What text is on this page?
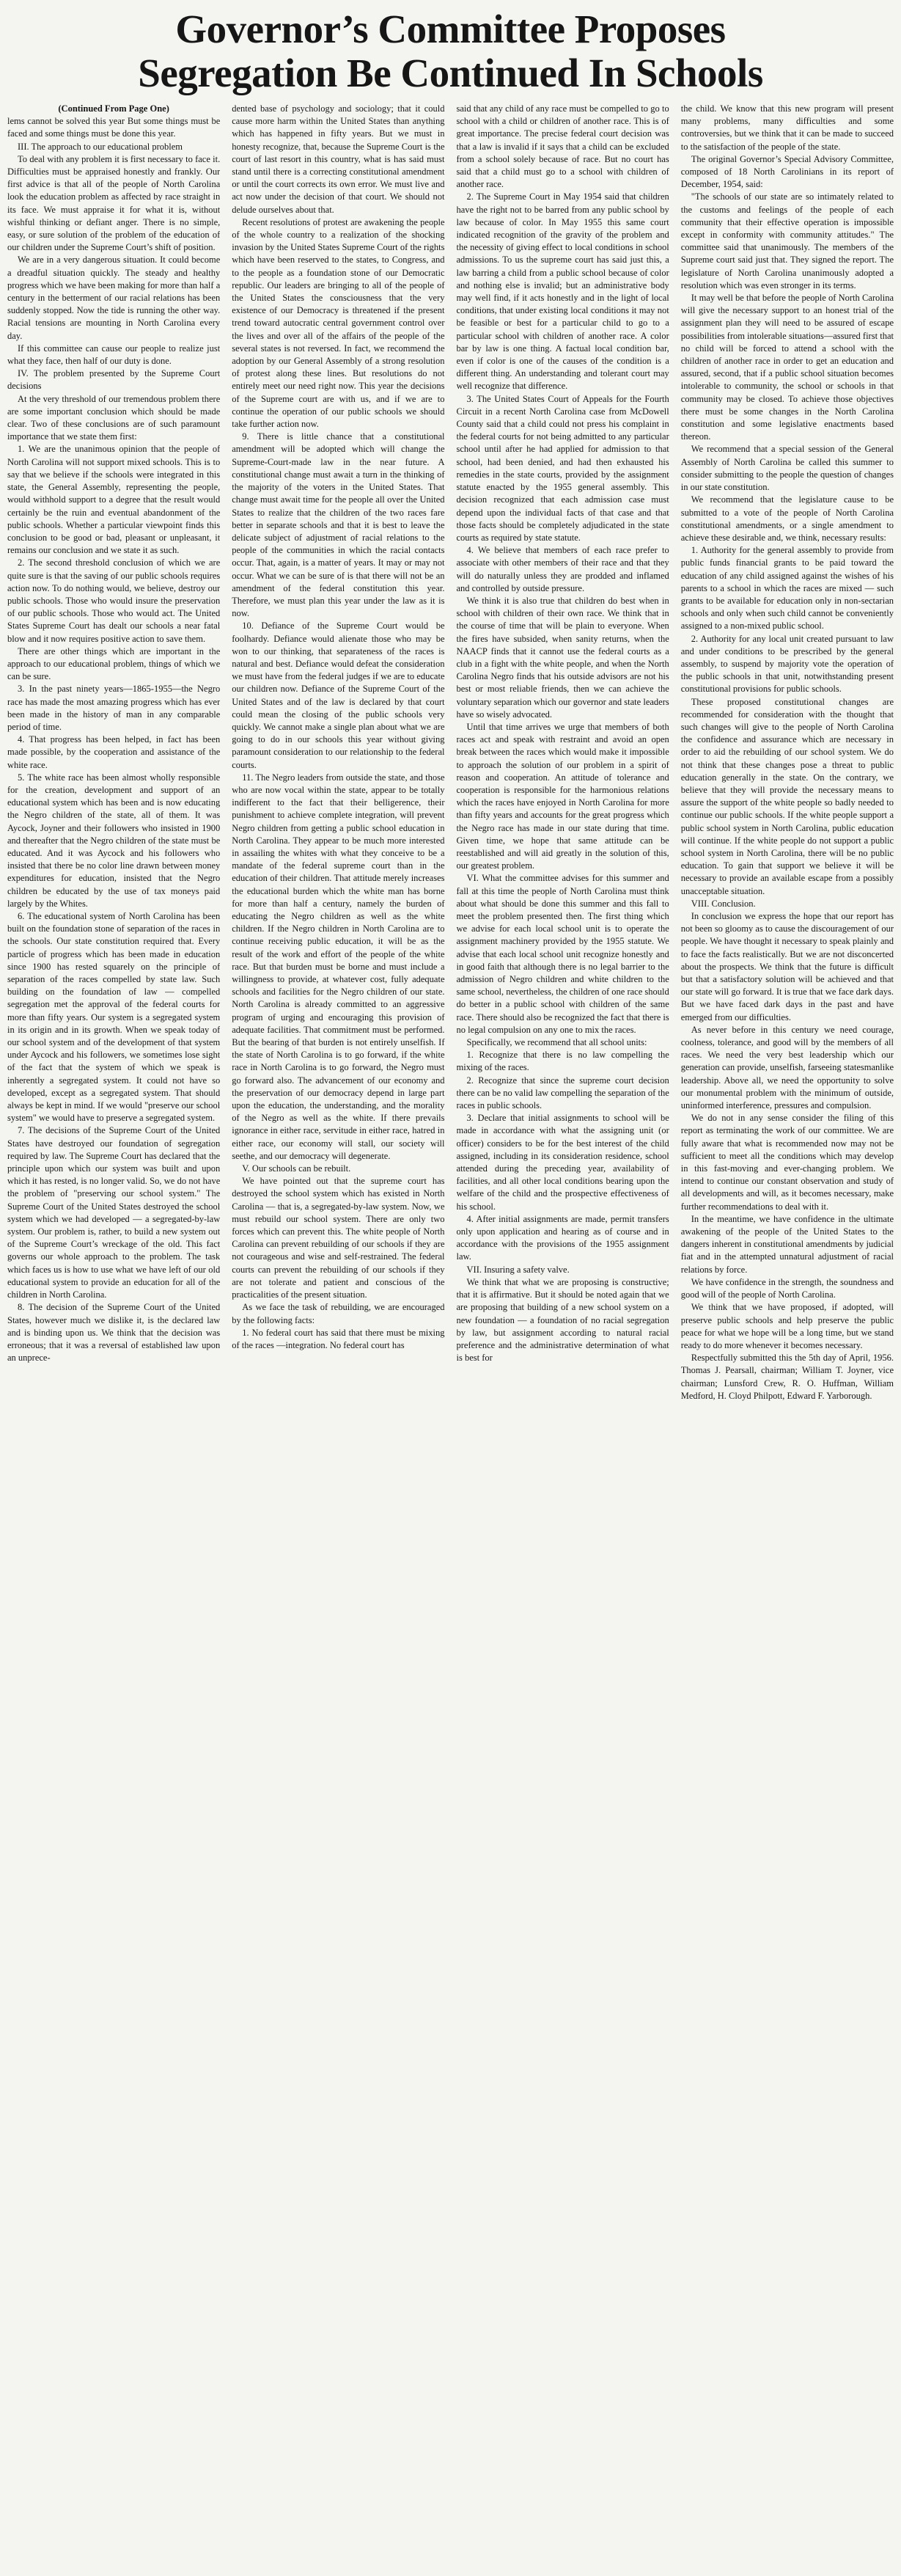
Governor’s Committee Proposes
Segregation Be Continued In Schools

(Continued From Page One)

lems cannot be solved this year But some things must be faced and some things must be done this year.

III. The approach to our educational problem

To deal with any problem it is first necessary to face it. Difficulties must be appraised honestly and frankly. Our first advice is that all of the people of North Carolina look the education problem as affected by race straight in its face. We must appraise it for what it is, without wishful thinking or defiant anger. There is no simple, easy, or sure solution of the problem of the education of our children under the Supreme Court’s shift of position.

We are in a very dangerous situation. It could become a dreadful situation quickly. The steady and healthy progress which we have been making for more than half a century in the betterment of our racial relations has been suddenly stopped. Now the tide is running the other way. Racial tensions are mounting in North Carolina every day.

If this committee can cause our people to realize just what they face, then half of our duty is done.

IV. The problem presented by the Supreme Court decisions

At the very threshold of our tremendous problem there are some important conclusion which should be made clear. Two of these conclusions are of such paramount importance that we state them first:

1. We are the unanimous opinion that the people of North Carolina will not support mixed schools. This is to say that we believe if the schools were integrated in this state, the General Assembly, representing the people, would withhold support to a degree that the result would certainly be the ruin and eventual abandonment of the public schools. Whether a particular viewpoint finds this conclusion to be good or bad, pleasant or unpleasant, it remains our conclusion and we state it as such.

2. The second threshold conclusion of which we are quite sure is that the saving of our public schools requires action now. To do nothing would, we believe, destroy our public schools. Those who would insure the preservation of our public schools. Those who would act. The United States Supreme Court has dealt our schools a near fatal blow and it now requires positive action to save them.

There are other things which are important in the approach to our educational problem, things of which we can be sure.

3. In the past ninety years—1865-1955—the Negro race has made the most amazing progress which has ever been made in the history of man in any comparable period of time.

4. That progress has been helped, in fact has been made possible, by the cooperation and assistance of the white race.

5. The white race has been almost wholly responsible for the creation, development and support of an educational system which has been and is now educating the Negro children of the state, all of them. It was Aycock, Joyner and their followers who insisted in 1900 and thereafter that the Negro children of the state must be educated. And it was Aycock and his followers who insisted that there be no color line drawn between money expenditures for education, insisted that the Negro children be educated by the use of tax moneys paid largely by the Whites.

6. The educational system of North Carolina has been built on the foundation stone of separation of the races in the schools. Our state constitution required that. Every particle of progress which has been made in education since 1900 has rested squarely on the principle of separation of the races compelled by state law. Such building on the foundation of law — compelled segregation met the approval of the federal courts for more than fifty years. Our system is a segregated system in its origin and in its growth. When we speak today of our school system and of the development of that system under Aycock and his followers, we sometimes lose sight of the fact that the system of which we speak is inherently a segregated system. It could not have so developed, except as a segregated system. That should always be kept in mind. If we would "preserve our school system" we would have to preserve a segregated system.

7. The decisions of the Supreme Court of the United States have destroyed our foundation of segregation required by law. The Supreme Court has declared that the principle upon which our system was built and upon which it has rested, is no longer valid. So, we do not have the problem of "preserving our school system." The Supreme Court of the United States destroyed the school system which we had developed — a segregated-by-law system. Our problem is, rather, to build a new system out of the Supreme Court’s wreckage of the old. This fact governs our whole approach to the problem. The task which faces us is how to use what we have left of our old educational system to provide an education for all of the children in North Carolina.

8. The decision of the Supreme Court of the United States, however much we dislike it, is the declared law and is binding upon us. We think that the decision was erroneous; that it was a reversal of established law upon an unprece-

dented base of psychology and sociology; that it could cause more harm within the United States than anything which has happened in fifty years. But we must in honesty recognize, that, because the Supreme Court is the court of last resort in this country, what is has said must stand until there is a correcting constitutional amendment or until the court corrects its own error. We must live and act now under the decision of that court. We should not delude ourselves about that.

Recent resolutions of protest are awakening the people of the whole country to a realization of the shocking invasion by the United States Supreme Court of the rights which have been reserved to the states, to Congress, and to the people as a foundation stone of our Democratic republic. Our leaders are bringing to all of the people of the United States the consciousness that the very existence of our Democracy is threatened if the present trend toward autocratic central government control over the lives and over all of the affairs of the people of the several states is not reversed. In fact, we recommend the adoption by our General Assembly of a strong resolution of protest along these lines. But resolutions do not entirely meet our need right now. This year the decisions of the Supreme court are with us, and if we are to continue the operation of our public schools we should take further action now.

9. There is little chance that a constitutional amendment will be adopted which will change the Supreme-Court-made law in the near future. A constitutional change must await a turn in the thinking of the majority of the voters in the United States. That change must await time for the people all over the United States to realize that the children of the two races fare better in separate schools and that it is best to leave the delicate subject of adjustment of racial relations to the people of the communities in which the racial contacts occur. That, again, is a matter of years. It may or may not occur. What we can be sure of is that there will not be an amendment of the federal constitution this year. Therefore, we must plan this year under the law as it is now.

10. Defiance of the Supreme Court would be foolhardy. Defiance would alienate those who may be won to our thinking, that separateness of the races is natural and best. Defiance would defeat the consideration we must have from the federal judges if we are to educate our children now. Defiance of the Supreme Court of the United States and of the law is declared by that court could mean the closing of the public schools very quickly. We cannot make a single plan about what we are going to do in our schools this year without giving paramount consideration to our relationship to the federal courts.

11. The Negro leaders from outside the state, and those who are now vocal within the state, appear to be totally indifferent to the fact that their belligerence, their punishment to achieve complete integration, will prevent Negro children from getting a public school education in North Carolina. They appear to be much more interested in assailing the whites with what they conceive to be a mandate of the federal supreme court than in the education of their children. That attitude merely increases the educational burden which the white man has borne for more than half a century, namely the burden of educating the Negro children as well as the white children. If the Negro children in North Carolina are to continue receiving public education, it will be as the result of the work and effort of the people of the white race. But that burden must be borne and must include a willingness to provide, at whatever cost, fully adequate schools and facilities for the Negro children of our state. North Carolina is already committed to an aggressive program of urging and encouraging this provision of adequate facilities. That commitment must be performed. But the bearing of that burden is not entirely unselfish. If the state of North Carolina is to go forward, if the white race in North Carolina is to go forward, the Negro must go forward also. The advancement of our economy and the preservation of our democracy depend in large part upon the education, the understanding, and the morality of the Negro as well as the white. If there prevails ignorance in either race, servitude in either race, hatred in either race, our economy will stall, our society will seethe, and our democracy will degenerate.

V. Our schools can be rebuilt.

We have pointed out that the supreme court has destroyed the school system which has existed in North Carolina — that is, a segregated-by-law system. Now, we must rebuild our school system. There are only two forces which can prevent this. The white people of North Carolina can prevent rebuilding of our schools if they are not courageous and wise and self-restrained. The federal courts can prevent the rebuilding of our schools if they are not tolerate and patient and conscious of the practicalities of the present situation.

As we face the task of rebuilding, we are encouraged by the following facts:

1. No federal court has said that there must be mixing of the races —integration. No federal court has

said that any child of any race must be compelled to go to school with a child or children of another race. This is of great importance. The precise federal court decision was that a law is invalid if it says that a child can be excluded from a school solely because of race. But no court has said that a child must go to a school with children of another race.

2. The Supreme Court in May 1954 said that children have the right not to be barred from any public school by law because of color. In May 1955 this same court indicated recognition of the gravity of the problem and the necessity of giving effect to local conditions in school admissions. To us the supreme court has said just this, a law barring a child from a public school because of color and nothing else is invalid; but an administrative body may well find, if it acts honestly and in the light of local conditions, that under existing local conditions it may not be feasible or best for a particular child to go to a particular school with children of another race. A color bar by law is one thing. A factual local condition bar, even if color is one of the causes of the condition is a different thing. An understanding and tolerant court may well recognize that difference.

3. The United States Court of Appeals for the Fourth Circuit in a recent North Carolina case from McDowell County said that a child could not press his complaint in the federal courts for not being admitted to any particular school until after he had applied for admission to that school, had been denied, and had then exhausted his remedies in the state courts, provided by the assignment statute enacted by the 1955 general assembly. This decision recognized that each admission case must depend upon the individual facts of that case and that those facts should be completely adjudicated in the state courts as required by state statute.

4. We believe that members of each race prefer to associate with other members of their race and that they will do naturally unless they are prodded and inflamed and controlled by outside pressure.

We think it is also true that children do best when in school with children of their own race. We think that in the course of time that will be plain to everyone. When the fires have subsided, when sanity returns, when the NAACP finds that it cannot use the federal courts as a club in a fight with the white people, and when the North Carolina Negro finds that his outside advisors are not his best or most reliable friends, then we can achieve the voluntary separation which our governor and state leaders have so wisely advocated.

Until that time arrives we urge that members of both races act and speak with restraint and avoid an open break between the races which would make it impossible to approach the solution of our problem in a spirit of reason and cooperation. An attitude of tolerance and cooperation is responsible for the harmonious relations which the races have enjoyed in North Carolina for more than fifty years and accounts for the great progress which the Negro race has made in our state during that time. Given time, we hope that same attitude can be reestablished and will aid greatly in the solution of this, our greatest problem.

VI. What the committee advises for this summer and fall at this time the people of North Carolina must think about what should be done this summer and this fall to meet the problem presented then. The first thing which we advise for each local school unit is to operate the assignment machinery provided by the 1955 statute. We advise that each local school unit recognize honestly and in good faith that although there is no legal barrier to the admission of Negro children and white children to the same school, nevertheless, the children of one race should do better in a public school with children of the same race. There should also be recognized the fact that there is no legal compulsion on any one to mix the races.

Specifically, we recommend that all school units:

1. Recognize that there is no law compelling the mixing of the races.

2. Recognize that since the supreme court decision there can be no valid law compelling the separation of the races in public schools.

3. Declare that initial assignments to school will be made in accordance with what the assigning unit (or officer) considers to be for the best interest of the child assigned, including in its consideration residence, school attended during the preceding year, availability of facilities, and all other local conditions bearing upon the welfare of the child and the prospective effectiveness of his school.

4. After initial assignments are made, permit transfers only upon application and hearing as of course and in accordance with the provisions of the 1955 assignment law.

VII. Insuring a safety valve.

We think that what we are proposing is constructive; that it is affirmative. But it should be noted again that we are proposing that building of a new school system on a new foundation — a foundation of no racial segregation by law, but assignment according to natural racial preference and the administrative determination of what is best for

the child. We know that this new program will present many problems, many difficulties and some controversies, but we think that it can be made to succeed to the satisfaction of the people of the state.

The original Governor’s Special Advisory Committee, composed of 18 North Carolinians in its report of December, 1954, said:

"The schools of our state are so intimately related to the customs and feelings of the people of each community that their effective operation is impossible except in conformity with community attitudes." The committee said that unanimously. The members of the Supreme court said just that. They signed the report. The legislature of North Carolina unanimously adopted a resolution which was even stronger in its terms.

It may well be that before the people of North Carolina will give the necessary support to an honest trial of the assignment plan they will need to be assured of escape possibilities from intolerable situations—assured first that no child will be forced to attend a school with the children of another race in order to get an education and assured, second, that if a public school situation becomes intolerable to community, the school or schools in that community may be closed. To achieve those objectives there must be some changes in the North Carolina constitution and some legislative enactments based thereon.

We recommend that a special session of the General Assembly of North Carolina be called this summer to consider submitting to the people the question of changes in our state constitution.

We recommend that the legislature cause to be submitted to a vote of the people of North Carolina constitutional amendments, or a single amendment to achieve these desirable and, we think, necessary results:

1. Authority for the general assembly to provide from public funds financial grants to be paid toward the education of any child assigned against the wishes of his parents to a school in which the races are mixed — such grants to be available for education only in non-sectarian schools and only when such child cannot be conveniently assigned to a non-mixed public school.

2. Authority for any local unit created pursuant to law and under conditions to be prescribed by the general assembly, to suspend by majority vote the operation of the public schools in that unit, notwithstanding present constitutional provisions for public schools.

These proposed constitutional changes are recommended for consideration with the thought that such changes will give to the people of North Carolina the confidence and assurance which are necessary in order to aid the rebuilding of our school system. We do not think that these changes pose a threat to public education generally in the state. On the contrary, we believe that they will provide the necessary means to assure the support of the white people so badly needed to continue our public schools. If the white people support a public school system in North Carolina, public education will continue. If the white people do not support a public school system in North Carolina, there will be no public education. To gain that support we believe it will be necessary to provide an available escape from a possibly unacceptable situation.

VIII. Conclusion.

In conclusion we express the hope that our report has not been so gloomy as to cause the discouragement of our people. We have thought it necessary to speak plainly and to face the facts realistically. But we are not disconcerted about the prospects. We think that the future is difficult but that a satisfactory solution will be achieved and that our state will go forward. It is true that we face dark days. But we have faced dark days in the past and have emerged from our difficulties.

As never before in this century we need courage, coolness, tolerance, and good will by the members of all races. We need the very best leadership which our generation can provide, unselfish, farseeing statesmanlike leadership. Above all, we need the opportunity to solve our monumental problem with the minimum of outside, uninformed interference, pressures and compulsion.

We do not in any sense consider the filing of this report as terminating the work of our committee. We are fully aware that what is recommended now may not be sufficient to meet all the conditions which may develop in this fast-moving and ever-changing problem. We intend to continue our constant observation and study of all developments and will, as it becomes necessary, make further recommendations to deal with it.

In the meantime, we have confidence in the ultimate awakening of the people of the United States to the dangers inherent in constitutional amendments by judicial fiat and in the attempted unnatural adjustment of racial relations by force.

We have confidence in the strength, the soundness and good will of the people of North Carolina.

We think that we have proposed, if adopted, will preserve public schools and help preserve the public peace for what we hope will be a long time, but we stand ready to do more whenever it becomes necessary.

Respectfully submitted this the 5th day of April, 1956. Thomas J. Pearsall, chairman; William T. Joyner, vice chairman; Lunsford Crew, R. O. Huffman, William Medford, H. Cloyd Philpott, Edward F. Yarborough.
